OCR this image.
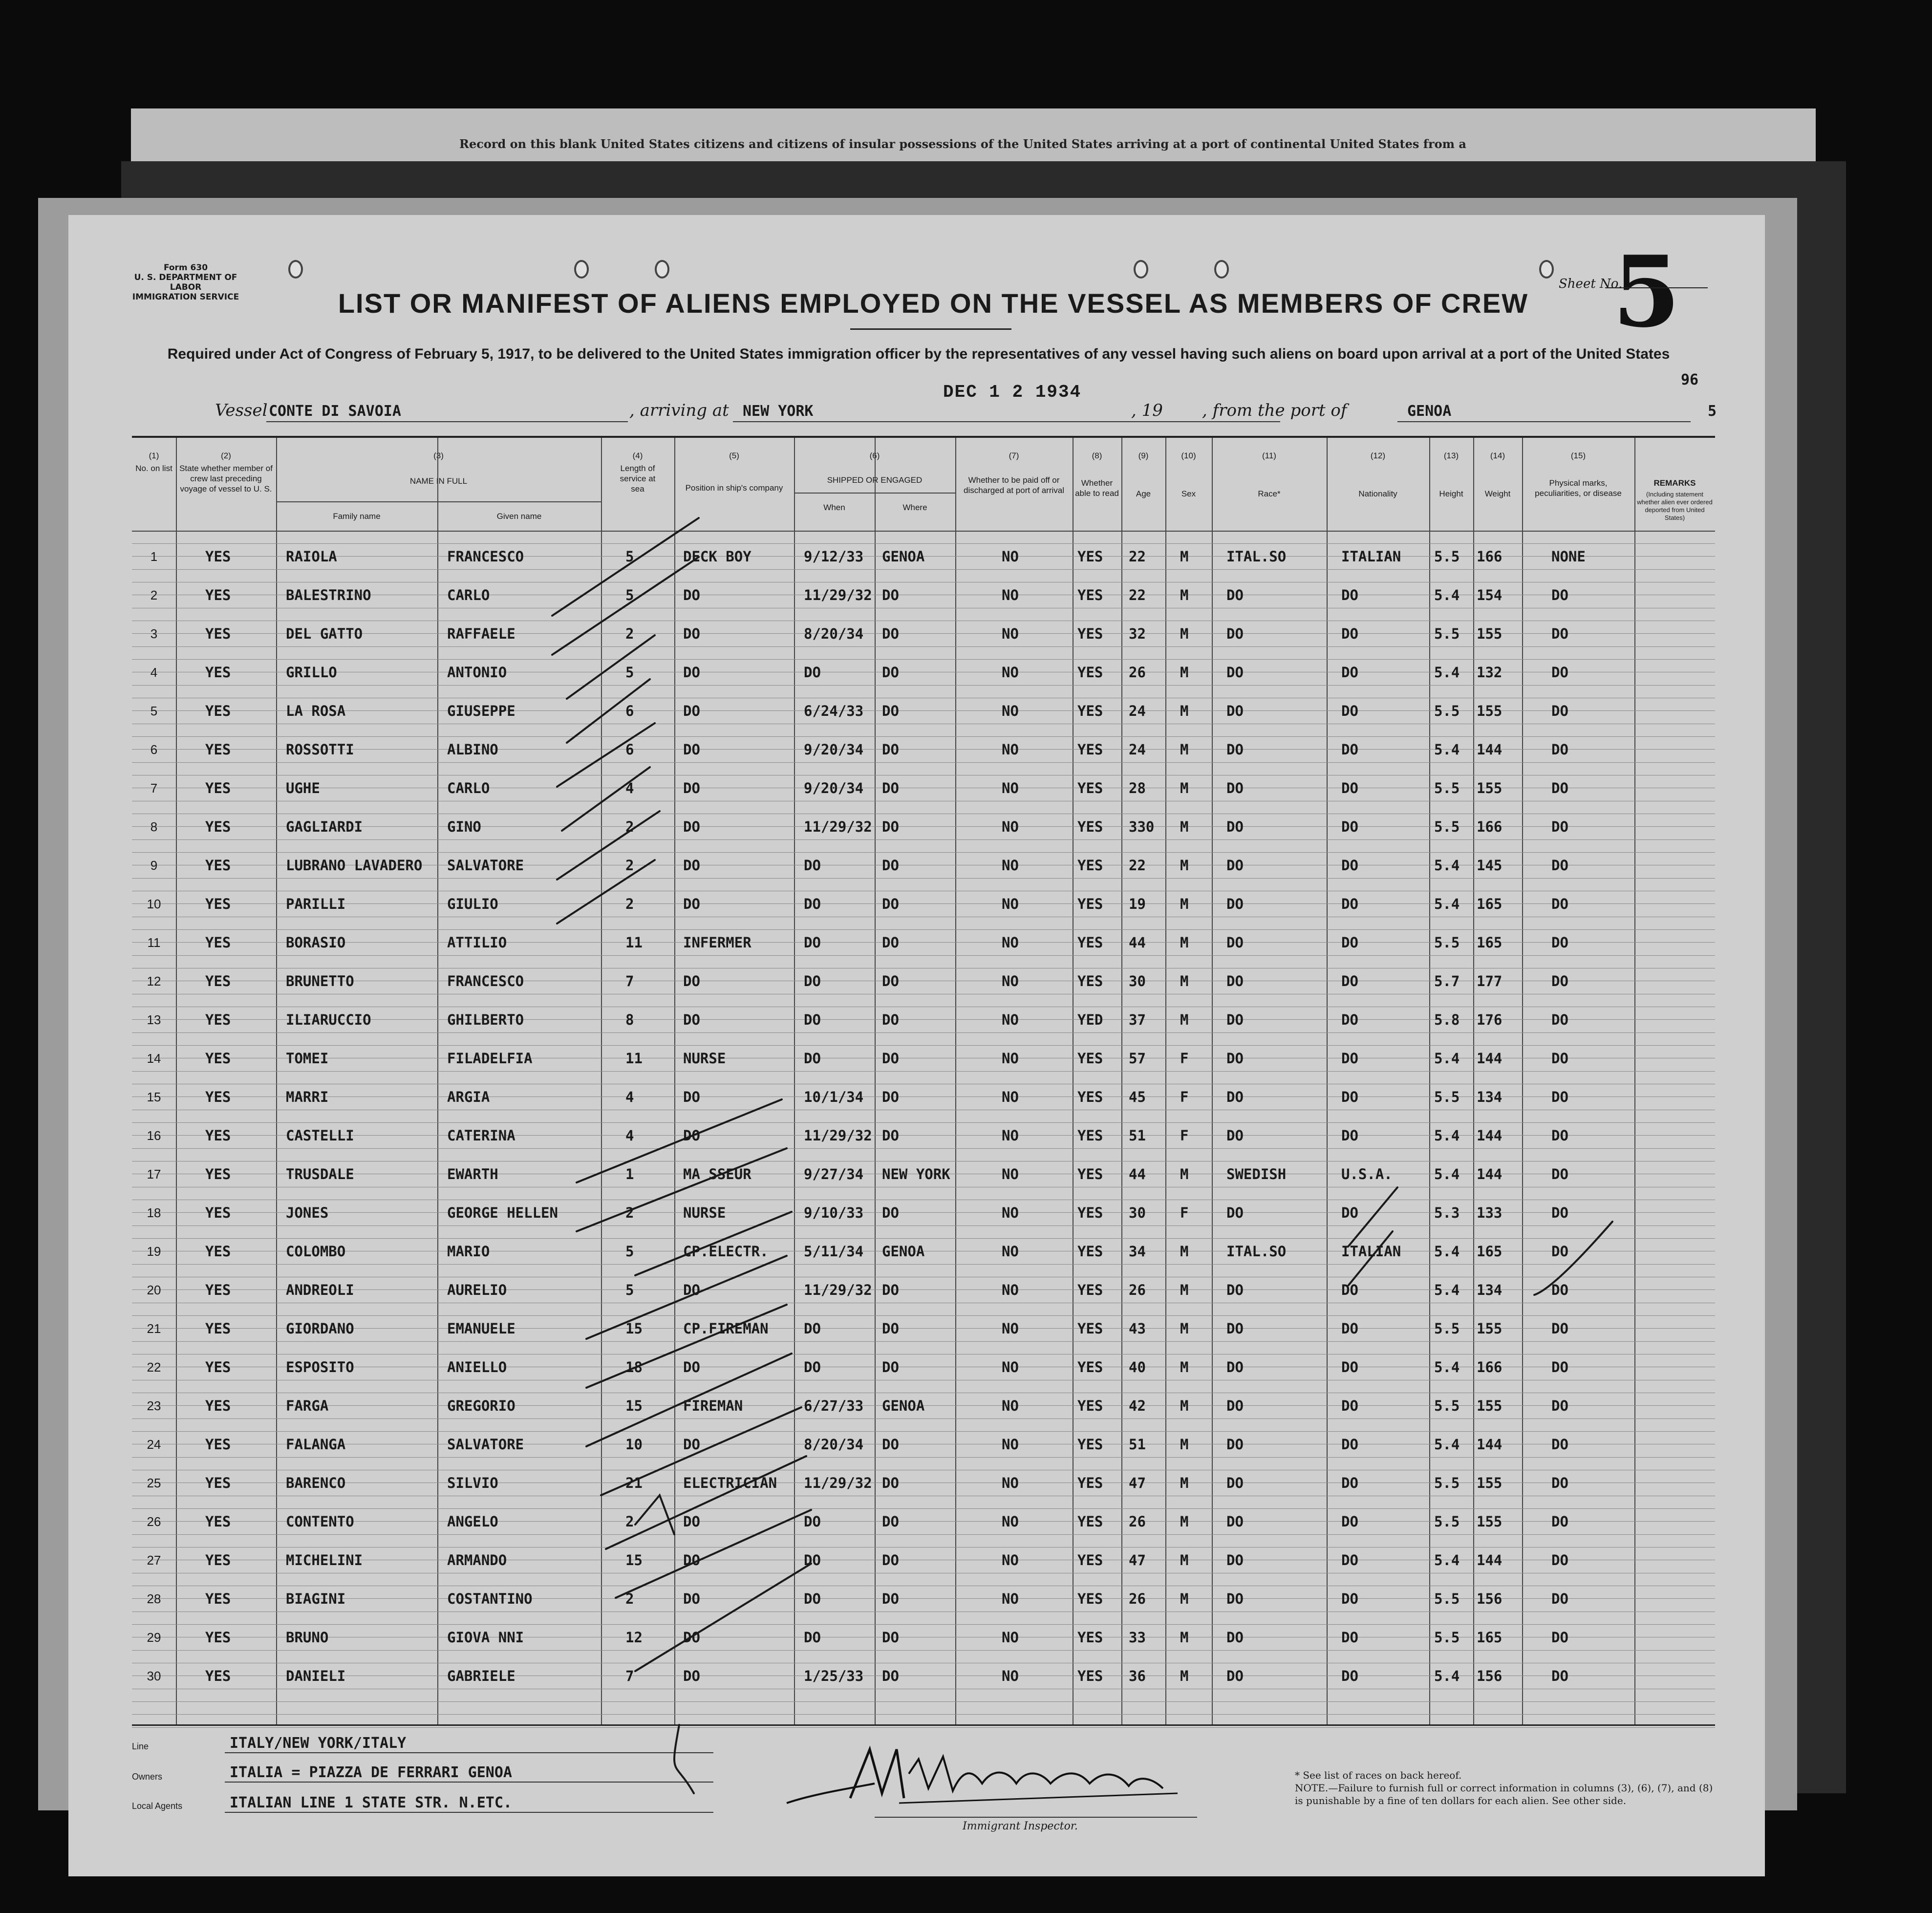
Record on this blank United States citizens and citizens of insular possessions of the United States arriving at a port of continental United States from a
Form 630
U. S. DEPARTMENT OF LABOR
IMMIGRATION SERVICE
Sheet No.
5
LIST OR MANIFEST OF ALIENS EMPLOYED ON THE VESSEL AS MEMBERS OF CREW
Required under Act of Congress of February 5, 1917, to be delivered to the United States immigration officer by the representatives of any vessel having such aliens on board upon arrival at a port of the United States
Vessel CONTE DI SAVOIA	, arriving at NEW YORK
DEC 1 2 1934
, 19 , from the port of	GENOA
96
5
(1)
No. on list
(2)
State whether member of crew last preceding voyage of vessel to U. S.
(3)
NAME IN FULL
Family name	Given name
(4)
Length of service at sea
(5)
Position in ship's company
(6)
SHIPPED OR ENGAGED
When	Where
(7)
Whether to be paid off or discharged at port of arrival
(8)
Whether able to read
(9)
Age
(10)
Sex
(11)
Race*
(12)
Nationality
(13)
Height
(14)
Weight
(15)
Physical marks, peculiarities, or disease
REMARKS
(Including statement whether alien ever ordered deported from United States)
1	YES	RAIOLA	FRANCESCO	5	DECK BOY	9/12/33	GENOA	NO	YES	22	M	ITAL.SO	ITALIAN	5.5	166	NONE
2	YES	BALESTRINO	CARLO	5	DO	11/29/32 DO	NO	YES	22	M	DO	DO	5.4	154	DO
3	YES	DEL GATTO	RAFFAELE	2	DO	8/20/34	DO	NO	YES	32	M	DO	DO	5.5	155	DO
4	YES	GRILLO	ANTONIO	5	DO	DO	DO	NO	YES	26	M	DO	DO	5.4	132	DO
5	YES	LA ROSA	GIUSEPPE	6	DO	6/24/33	DO	NO	YES	24	M	DO	DO	5.5	155	DO
6	YES	ROSSOTTI	ALBINO	6	DO	9/20/34	DO	NO	YES	24	M	DO	DO	5.4	144	DO
7	YES	UGHE	CARLO	4	DO	9/20/34	DO	NO	YES	28	M	DO	DO	5.5	155	DO
8	YES	GAGLIARDI	GINO	2	DO	11/29/32 DO	NO	YES	330	M	DO	DO	5.5	166	DO
9	YES	LUBRANO LAVADERO	SALVATORE	2	DO	DO	DO	NO	YES	22	M	DO	DO	5.4	145	DO
10	YES	PARILLI	GIULIO	2	DO	DO	DO	NO	YES	19	M	DO	DO	5.4	165	DO
11	YES	BORASIO	ATTILIO	11	INFERMER	DO	DO	NO	YES	44	M	DO	DO	5.5	165	DO
12	YES	BRUNETTO	FRANCESCO	7	DO	DO	DO	NO	YES	30	M	DO	DO	5.7	177	DO
13	YES	ILIARUCCIO	GHILBERTO	8	DO	DO	DO	NO	YED	37	M	DO	DO	5.8	176	DO
14	YES	TOMEI	FILADELFIA	11	NURSE	DO	DO	NO	YES	57	F	DO	DO	5.4	144	DO
15	YES	MARRI	ARGIA	4	DO	10/1/34	DO	NO	YES	45	F	DO	DO	5.5	134	DO
16	YES	CASTELLI	CATERINA	4	DO	11/29/32 DO	NO	YES	51	F	DO	DO	5.4	144	DO
17	YES	TRUSDALE	EWARTH	1	MA SSEUR	9/27/34	NEW YORK	NO	YES	44	M	SWEDISH	U.S.A.	5.4	144	DO
18	YES	JONES	GEORGE HELLEN	2	NURSE	9/10/33	DO	NO	YES	30	F	DO	DO	5.3	133	DO
19	YES	COLOMBO	MARIO	5	CP.ELECTR.	5/11/34	GENOA	NO	YES	34	M	ITAL.SO	ITALIAN	5.4	165	DO
20	YES	ANDREOLI	AURELIO	5	DO	11/29/32 DO	NO	YES	26	M	DO	DO	5.4	134	DO
21	YES	GIORDANO	EMANUELE	15	CP.FIREMAN	DO	DO	NO	YES	43	M	DO	DO	5.5	155	DO
22	YES	ESPOSITO	ANIELLO	18	DO	DO	DO	NO	YES	40	M	DO	DO	5.4	166	DO
23	YES	FARGA	GREGORIO	15	FIREMAN	6/27/33	GENOA	NO	YES	42	M	DO	DO	5.5	155	DO
24	YES	FALANGA	SALVATORE	10	DO	8/20/34	DO	NO	YES	51	M	DO	DO	5.4	144	DO
25	YES	BARENCO	SILVIO	21	ELECTRICIAN	11/29/32 DO	NO	YES	47	M	DO	DO	5.5	155	DO
26	YES	CONTENTO	ANGELO	2	DO	DO	DO	NO	YES	26	M	DO	DO	5.5	155	DO
27	YES	MICHELINI	ARMANDO	15	DO	DO	DO	NO	YES	47	M	DO	DO	5.4	144	DO
28	YES	BIAGINI	COSTANTINO	2	DO	DO	DO	NO	YES	26	M	DO	DO	5.5	156	DO
29	YES	BRUNO	GIOVA NNI	12	DO	DO	DO	NO	YES	33	M	DO	DO	5.5	165	DO
30	YES	DANIELI	GABRIELE	7	DO	1/25/33	DO	NO	YES	36	M	DO	DO	5.4	156	DO
Line	ITALY/NEW YORK/ITALY
Owners	ITALIA = PIAZZA DE FERRARI GENOA
Local Agents	ITALIAN LINE 1 STATE STR. N.ETC.
Immigrant Inspector.
* See list of races on back hereof.
NOTE.—Failure to furnish full or correct information in columns (3), (6), (7), and (8) is punishable by a fine of ten dollars for each alien. See other side.
